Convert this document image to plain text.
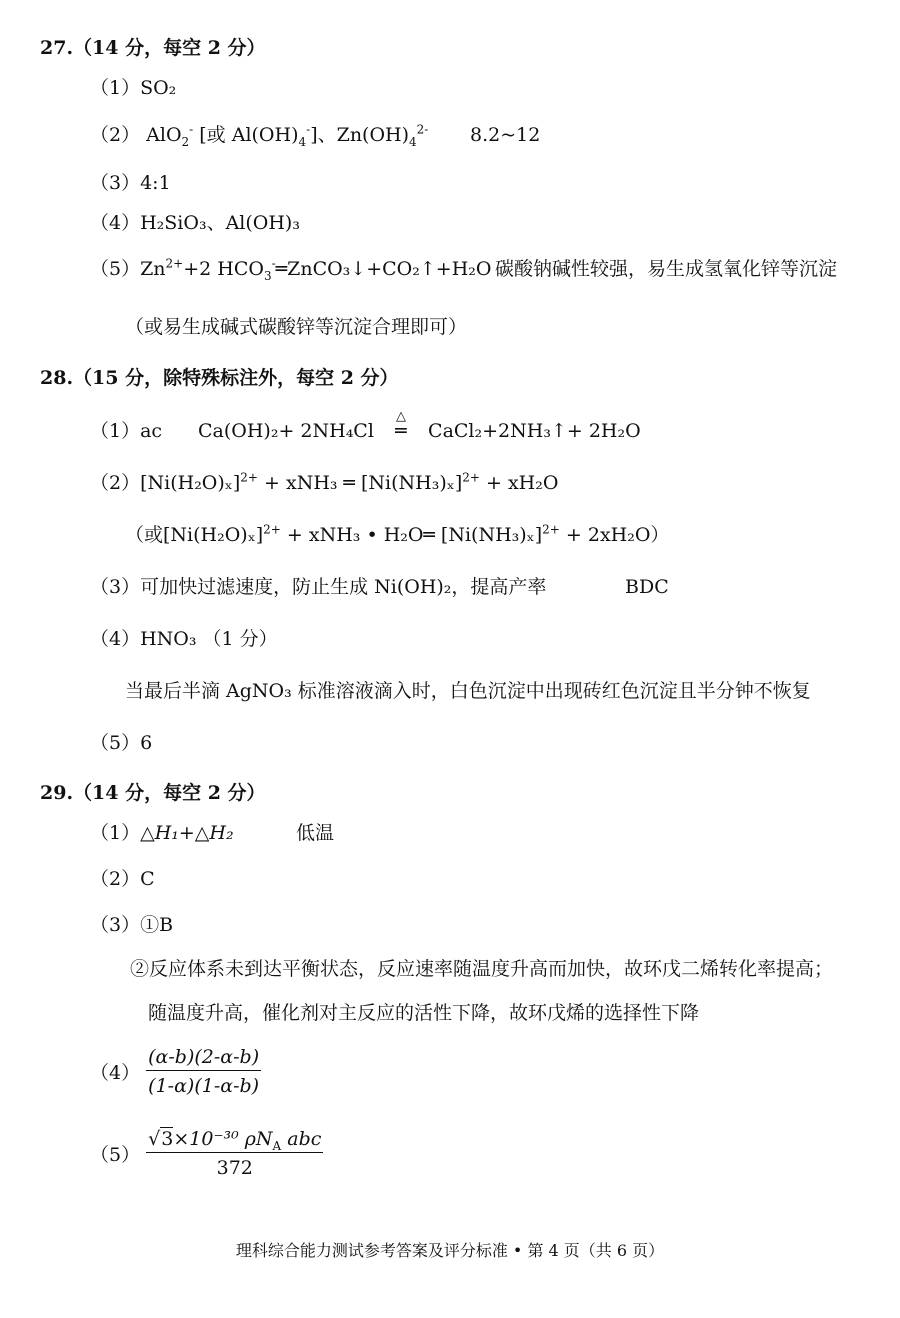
27.（14 分，每空 2 分）
（1）SO₂
（2） AlO$_2$- [或 $Al(OH)_4^-$]、$Zn(OH)_4^{2-}$ 8.2~12
（3）4:1
（4）H₂SiO₃、Al(OH)₃
$(5)Zn^{2+}+2$ $HCO_3^-═ZnCO_3↓+CO_2↑+H_2O$ 碳酸钠碱性较强，易生成氢氧化锌等沉淀
（或易生成碱式碳酸锌等沉淀合理即可）
28.（15 分，除特殊标注外，每空 2 分）
（1）ac Ca(OH)₂+ 2NH₄Cl
△
═ CaCl₂+2NH₃↑+ 2H₂O
$(2)[Ni(H_2O)_x]^{2+} + xNH_3$ ═ $[Ni(NH_3)_x]^{2+} + xH_2O$
（或$[Ni(H_2O)_x]^{2+} + xNH_3$ • H₂O═ $[Ni(NH_3)_x]^{2+} + 2xH_2O$）
（3）可加快过滤速度，防止生成 Ni(OH)₂，提高产率	BDC
（4）HNO₃ （1 分）
当最后半滴 AgNO₃ 标准溶液滴入时，白色沉淀中出现砖红色沉淀且半分钟不恢复
（5）6
29.（14 分，每空 2 分）
（1）△H₁+△H₂	低温
（2）C
（3）①B
②反应体系未到达平衡状态，反应速率随温度升高而加快，故环戊二烯转化率提高；
随温度升高，催化剂对主反应的活性下降，故环戊烯的选择性下降
$(4) \frac{(\alpha-b)(2-\alpha-b)}{(1-\alpha)(1-\alpha-b)}$
$(5) \frac{√3\times 10^{-30} \rho N_A abc}{372}$
理科综合能力测试参考答案及评分标准 • 第 4 页（共 6 页）
